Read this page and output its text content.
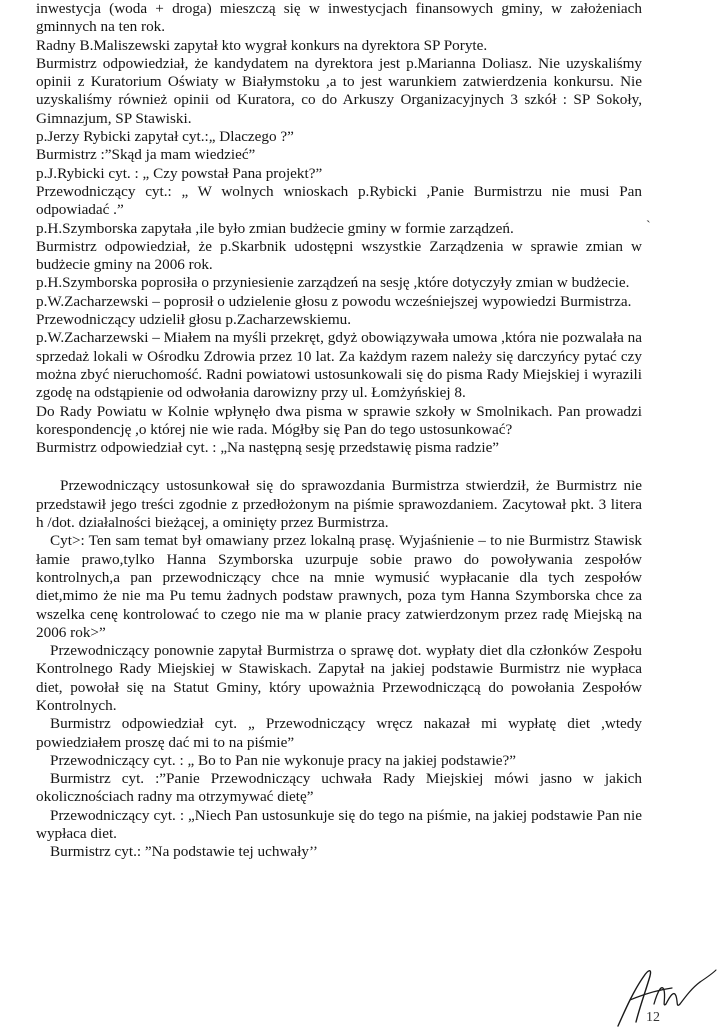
inwestycja (woda + droga) mieszczą się w inwestycjach finansowych gminy, w założeniach gminnych na ten rok.

Radny B.Maliszewski zapytał kto wygrał konkurs na dyrektora SP Poryte.

Burmistrz odpowiedział, że kandydatem na dyrektora jest p.Marianna Doliasz. Nie uzyskaliśmy opinii z Kuratorium Oświaty w Białymstoku ,a to jest warunkiem zatwierdzenia konkursu. Nie uzyskaliśmy również opinii od Kuratora, co do Arkuszy Organizacyjnych 3 szkół : SP Sokoły, Gimnazjum, SP Stawiski.

p.Jerzy Rybicki zapytał cyt.:„ Dlaczego ?”

Burmistrz :”Skąd ja mam wiedzieć”

p.J.Rybicki cyt. : „ Czy powstał Pana projekt?”

Przewodniczący cyt.: „ W wolnych wnioskach p.Rybicki ,Panie Burmistrzu nie musi Pan odpowiadać .”

p.H.Szymborska zapytała ,ile było zmian budżecie gminy w formie zarządzeń.

Burmistrz odpowiedział, że p.Skarbnik udostępni wszystkie Zarządzenia w sprawie zmian w budżecie gminy na 2006 rok.

p.H.Szymborska poprosiła o przyniesienie zarządzeń na sesję ,które dotyczyły zmian w budżecie.

p.W.Zacharzewski – poprosił o udzielenie głosu z powodu wcześniejszej wypowiedzi Burmistrza.

Przewodniczący udzielił głosu p.Zacharzewskiemu.

p.W.Zacharzewski – Miałem na myśli przekręt, gdyż obowiązywała umowa ,która nie pozwalała na sprzedaż lokali w Ośrodku Zdrowia przez 10 lat. Za każdym razem należy się darczyńcy pytać czy można zbyć nieruchomość. Radni powiatowi ustosunkowali się do pisma Rady Miejskiej i wyrazili zgodę na odstąpienie od odwołania darowizny przy ul. Łomżyńskiej 8.

Do Rady Powiatu w Kolnie wpłynęło dwa pisma w sprawie szkoły w Smolnikach. Pan prowadzi korespondencję ,o której nie wie rada. Mógłby się Pan do tego ustosunkować?

Burmistrz odpowiedział cyt. : „Na następną sesję przedstawię pisma radzie”

Przewodniczący ustosunkował się do sprawozdania Burmistrza stwierdził, że Burmistrz nie przedstawił jego treści zgodnie z przedłożonym na piśmie sprawozdaniem. Zacytował pkt. 3 litera h /dot. działalności bieżącej, a ominięty przez Burmistrza.

Cyt>: Ten sam temat był omawiany przez lokalną prasę. Wyjaśnienie – to nie Burmistrz Stawisk łamie prawo,tylko Hanna Szymborska uzurpuje sobie prawo do powoływania zespołów kontrolnych,a pan przewodniczący chce na mnie wymusić wypłacanie dla tych zespołów diet,mimo że nie ma Pu temu żadnych podstaw prawnych, poza tym Hanna Szymborska chce za wszelka cenę kontrolować to czego nie ma w planie pracy zatwierdzonym przez radę Miejską na 2006 rok>”

Przewodniczący ponownie zapytał Burmistrza o sprawę dot. wypłaty diet dla członków Zespołu Kontrolnego Rady Miejskiej w Stawiskach. Zapytał na jakiej podstawie Burmistrz nie wypłaca diet, powołał się na Statut Gminy, który upoważnia Przewodniczącą do powołania Zespołów Kontrolnych.

Burmistrz odpowiedział cyt. „ Przewodniczący wręcz nakazał mi wypłatę diet ,wtedy powiedziałem proszę dać mi to na piśmie”

Przewodniczący cyt. : „ Bo to Pan nie wykonuje pracy na jakiej podstawie?”

Burmistrz cyt. :”Panie Przewodniczący uchwała Rady Miejskiej mówi jasno w jakich okolicznościach radny ma otrzymywać dietę”

Przewodniczący cyt. : „Niech Pan ustosunkuje się do tego na piśmie, na jakiej podstawie Pan nie wypłaca diet.

Burmistrz cyt.: ”Na podstawie tej uchwały’’

`
12
